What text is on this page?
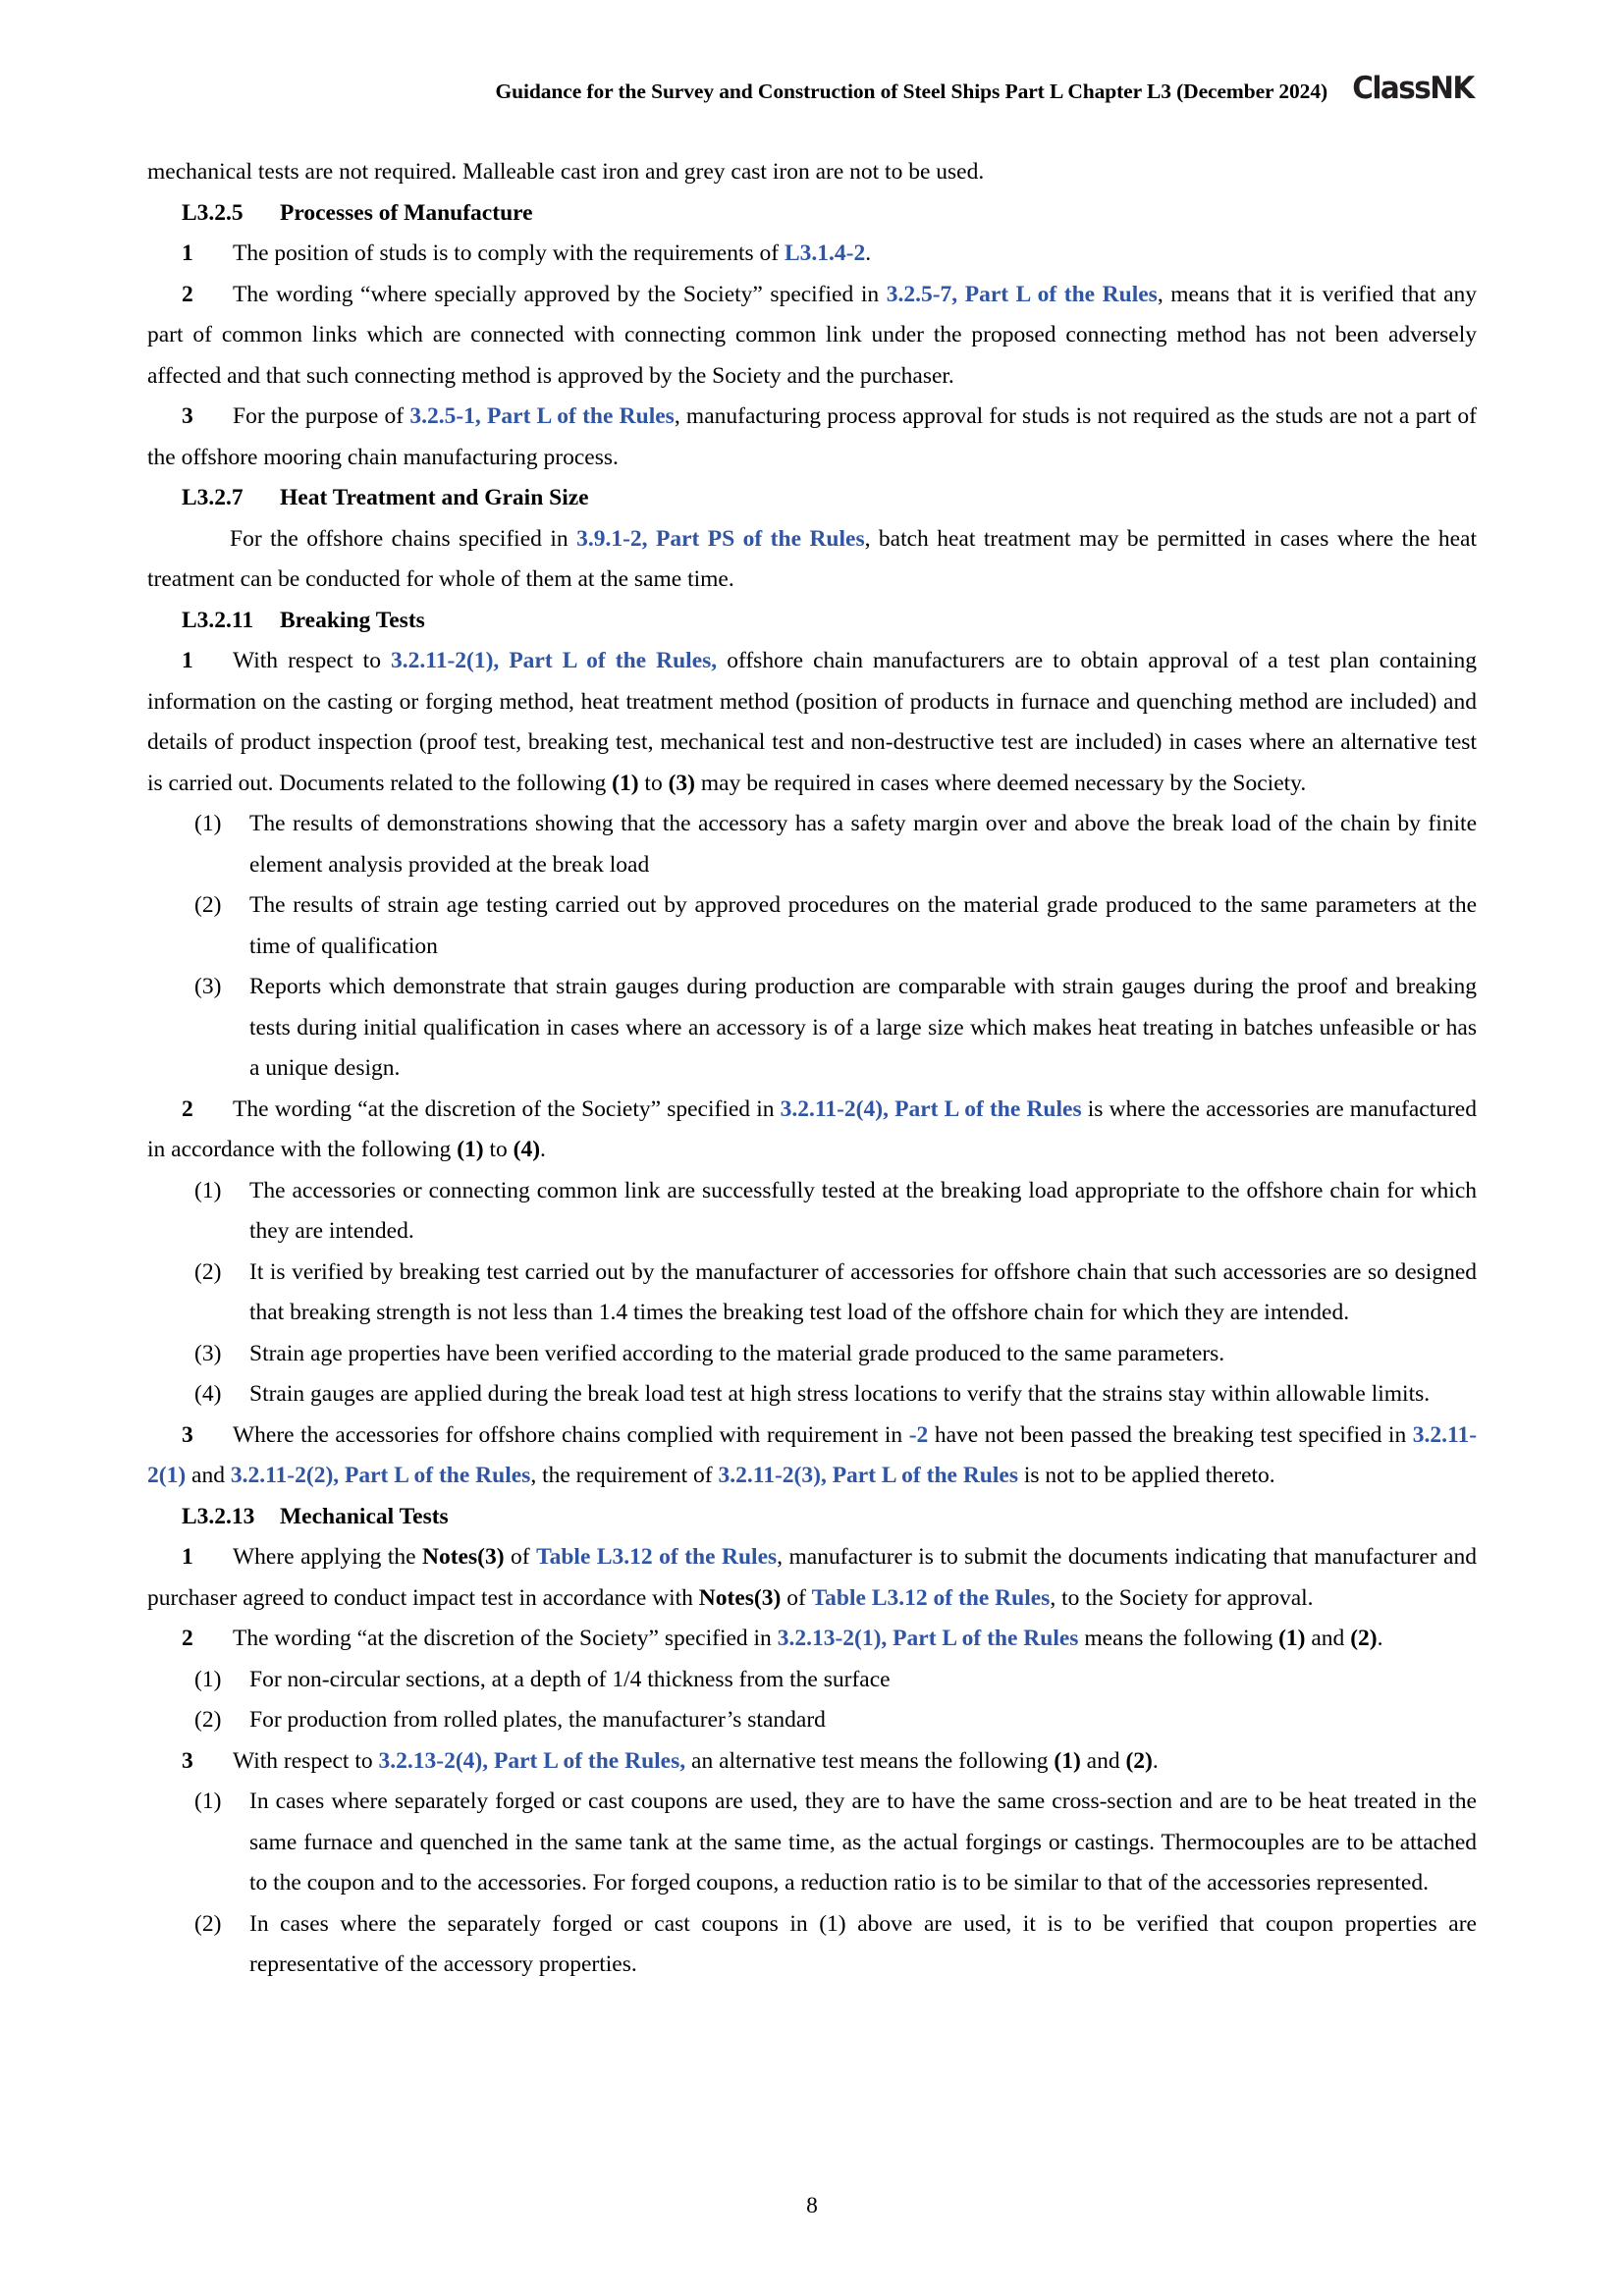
Guidance for the Survey and Construction of Steel Ships Part L Chapter L3 (December 2024) ClassNK

mechanical tests are not required. Malleable cast iron and grey cast iron are not to be used.

L3.2.5	Processes of Manufacture

1 The position of studs is to comply with the requirements of L3.1.4-2.

2 The wording “where specially approved by the Society” specified in 3.2.5-7, Part L of the Rules, means that it is verified that any part of common links which are connected with connecting common link under the proposed connecting method has not been adversely affected and that such connecting method is approved by the Society and the purchaser.

3 For the purpose of 3.2.5-1, Part L of the Rules, manufacturing process approval for studs is not required as the studs are not a part of the offshore mooring chain manufacturing process.

L3.2.7	Heat Treatment and Grain Size

For the offshore chains specified in 3.9.1-2, Part PS of the Rules, batch heat treatment may be permitted in cases where the heat treatment can be conducted for whole of them at the same time.

L3.2.11	Breaking Tests

1 With respect to 3.2.11-2(1), Part L of the Rules, offshore chain manufacturers are to obtain approval of a test plan containing information on the casting or forging method, heat treatment method (position of products in furnace and quenching method are included) and details of product inspection (proof test, breaking test, mechanical test and non-destructive test are included) in cases where an alternative test is carried out. Documents related to the following (1) to (3) may be required in cases where deemed necessary by the Society.

(1)	The results of demonstrations showing that the accessory has a safety margin over and above the break load of the chain by finite element analysis provided at the break load
(2)	The results of strain age testing carried out by approved procedures on the material grade produced to the same parameters at the time of qualification
(3)	Reports which demonstrate that strain gauges during production are comparable with strain gauges during the proof and breaking tests during initial qualification in cases where an accessory is of a large size which makes heat treating in batches unfeasible or has a unique design.

2 The wording “at the discretion of the Society” specified in 3.2.11-2(4), Part L of the Rules is where the accessories are manufactured in accordance with the following (1) to (4).

(1)	The accessories or connecting common link are successfully tested at the breaking load appropriate to the offshore chain for which they are intended.
(2)	It is verified by breaking test carried out by the manufacturer of accessories for offshore chain that such accessories are so designed that breaking strength is not less than 1.4 times the breaking test load of the offshore chain for which they are intended.
(3)	Strain age properties have been verified according to the material grade produced to the same parameters.
(4)	Strain gauges are applied during the break load test at high stress locations to verify that the strains stay within allowable limits.

3 Where the accessories for offshore chains complied with requirement in -2 have not been passed the breaking test specified in 3.2.11-2(1) and 3.2.11-2(2), Part L of the Rules, the requirement of 3.2.11-2(3), Part L of the Rules is not to be applied thereto.

L3.2.13	Mechanical Tests

1 Where applying the Notes(3) of Table L3.12 of the Rules, manufacturer is to submit the documents indicating that manufacturer and purchaser agreed to conduct impact test in accordance with Notes(3) of Table L3.12 of the Rules, to the Society for approval.

2 The wording “at the discretion of the Society” specified in 3.2.13-2(1), Part L of the Rules means the following (1) and (2).

(1)	For non-circular sections, at a depth of 1/4 thickness from the surface
(2)	For production from rolled plates, the manufacturer’s standard

3 With respect to 3.2.13-2(4), Part L of the Rules, an alternative test means the following (1) and (2).

(1)	In cases where separately forged or cast coupons are used, they are to have the same cross-section and are to be heat treated in the same furnace and quenched in the same tank at the same time, as the actual forgings or castings. Thermocouples are to be attached to the coupon and to the accessories. For forged coupons, a reduction ratio is to be similar to that of the accessories represented.
(2)	In cases where the separately forged or cast coupons in (1) above are used, it is to be verified that coupon properties are representative of the accessory properties.
8
